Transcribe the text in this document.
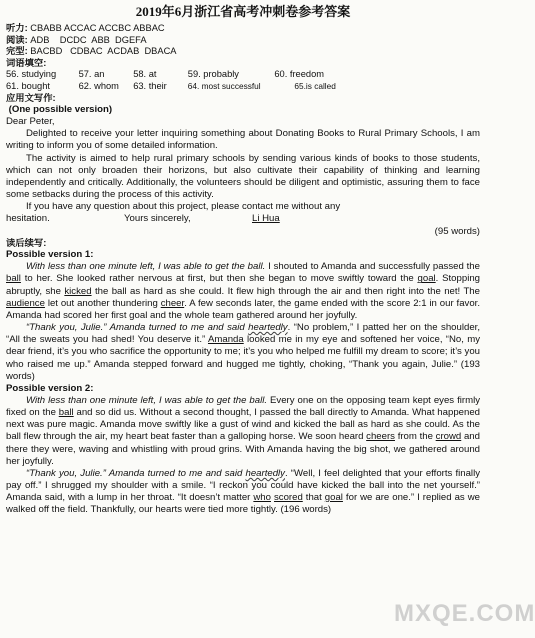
2019年6月浙江省高考冲刺卷参考答案
听力: CBABB ACCAC ACCBC ABBAC
阅读: ADB    DCDC  ABB  DGEFA
完型: BACBD   CDBAC  ACDAB  DBACA
词语填空:
56. studying 57. an	58. at	59. probably	60. freedom
61. bought	62. whom 63. their	64. most successful	65.is called
应用文写作:
(One possible version)

Dear Peter,

Delighted to receive your letter inquiring something about Donating Books to Rural Primary Schools, I am writing to inform you of some detailed information.

The activity is aimed to help rural primary schools by sending various kinds of books to those students, which can not only broaden their horizons, but also cultivate their capability of thinking and learning independently and critically. Additionally, the volunteers should be diligent and optimistic, assuring them to face some setbacks during the process of this activity.

If you have any question about this project, please contact me without any

hesitation.	Yours sincerely,	Li Hua

(95 words)

读后续写:
Possible version 1:

With less than one minute left, I was able to get the ball. I shouted to Amanda and successfully passed the ball to her. She looked rather nervous at first, but then she began to move swiftly toward the goal. Stopping abruptly, she kicked the ball as hard as she could. It flew high through the air and then right into the net! The audience let out another thundering cheer. A few seconds later, the game ended with the score 2:1 in our favor. Amanda had scored her first goal and the whole team gathered around her joyfully.

“Thank you, Julie.” Amanda turned to me and said heartedly. “No problem,” I patted her on the shoulder, “All the sweats you had shed! You deserve it.” Amanda looked me in my eye and softened her voice, “No, my dear friend, it’s you who sacrifice the opportunity to me; it’s you who helped me fulfill my dream to score; it’s you who raised me up.” Amanda stepped forward and hugged me tightly, choking, “Thank you again, Julie.” (193 words)

Possible version 2:

With less than one minute left, I was able to get the ball. Every one on the opposing team kept eyes firmly fixed on the ball and so did us. Without a second thought, I passed the ball directly to Amanda. What happened next was pure magic. Amanda move swiftly like a gust of wind and kicked the ball as hard as she could. As the ball flew through the air, my heart beat faster than a galloping horse. We soon heard cheers from the crowd and there they were, waving and whistling with proud grins. With Amanda having the big shot, we gathered around her joyfully.

“Thank you, Julie.” Amanda turned to me and said heartedly. “Well, I feel delighted that your efforts finally pay off.” I shrugged my shoulder with a smile. “I reckon you could have kicked the ball into the net yourself.” Amanda said, with a lump in her throat. “It doesn’t matter who scored that goal for we are one.” I replied as we walked off the field. Thankfully, our hearts were tied more tightly. (196 words)

MXQE.COM
